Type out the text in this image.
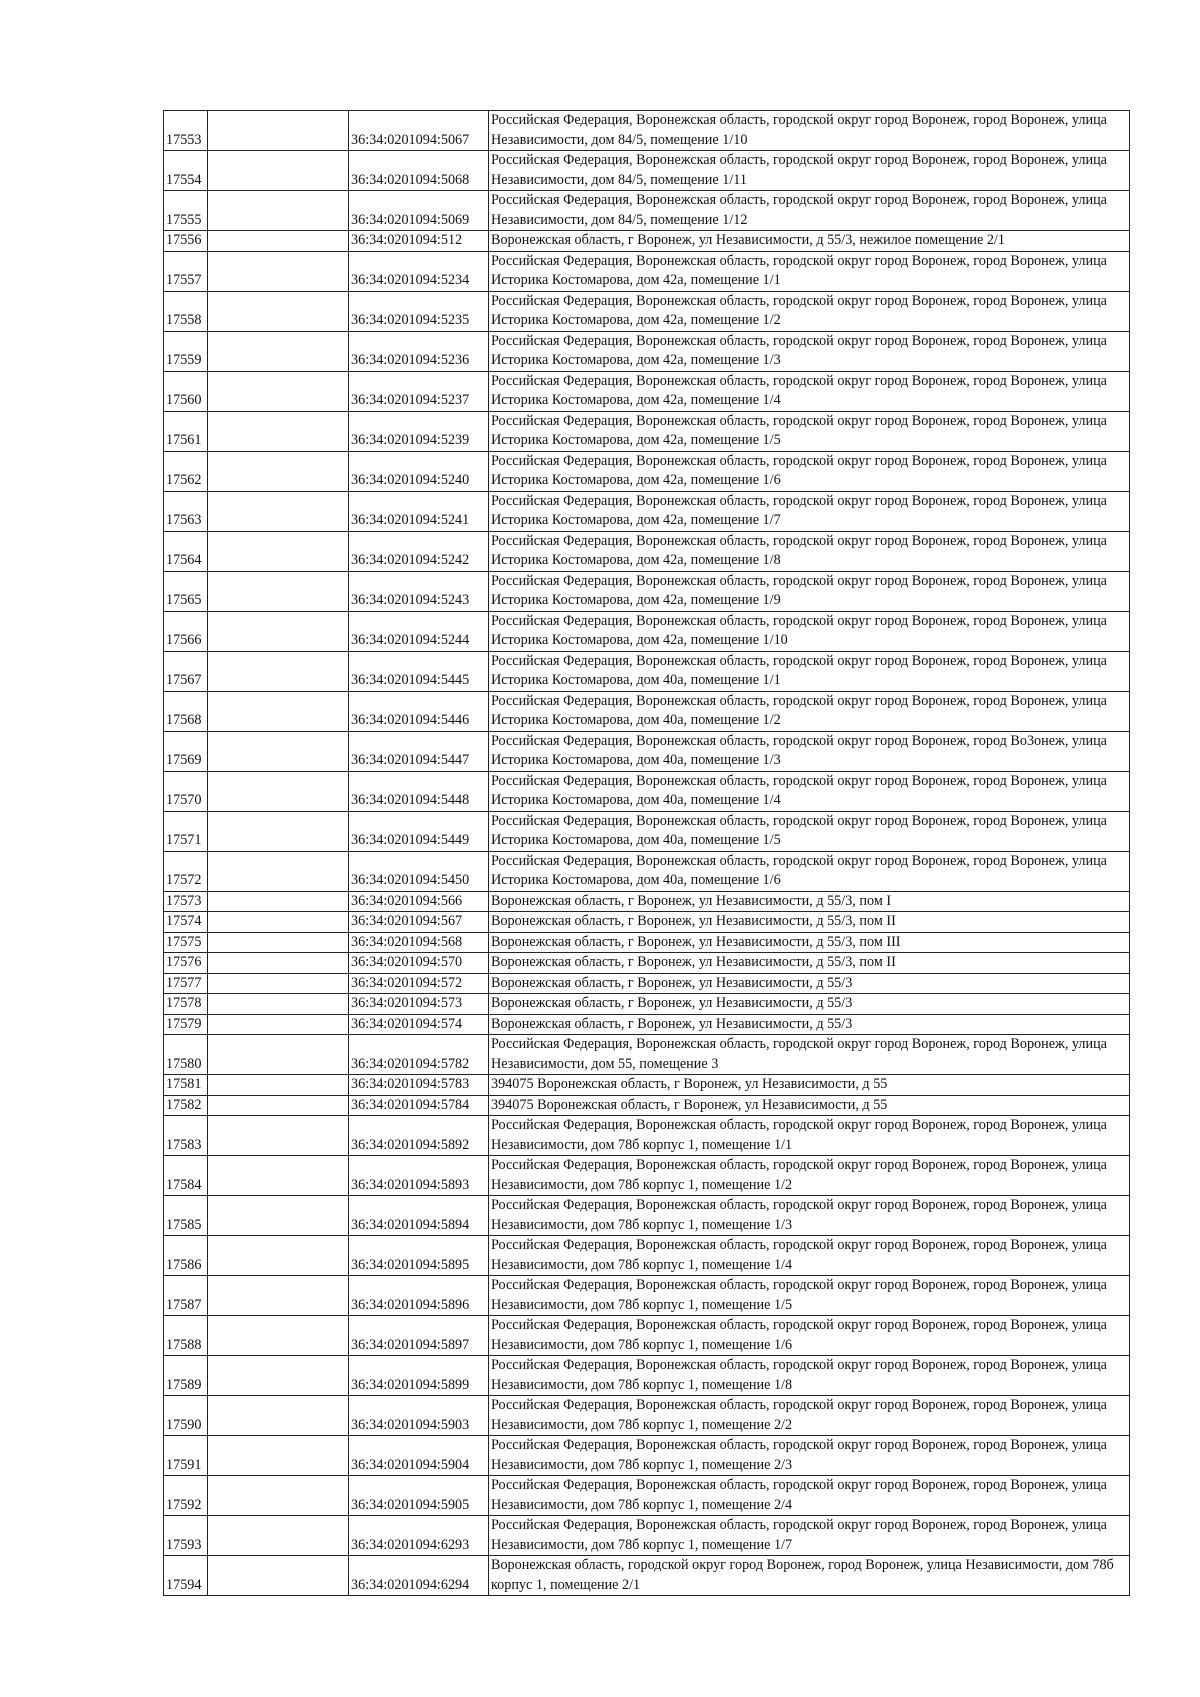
17553		36:34:0201094:5067	Российская Федерация, Воронежская область, городской округ город Воронеж, город Воронеж, улица Независимости, дом 84/5, помещение 1/10
17554		36:34:0201094:5068	Российская Федерация, Воронежская область, городской округ город Воронеж, город Воронеж, улица Независимости, дом 84/5, помещение 1/11
17555		36:34:0201094:5069	Российская Федерация, Воронежская область, городской округ город Воронеж, город Воронеж, улица Независимости, дом 84/5, помещение 1/12
17556		36:34:0201094:512	Воронежская область, г Воронеж, ул Независимости, д 55/3, нежилое помещение 2/1
17557		36:34:0201094:5234	Российская Федерация, Воронежская область, городской округ город Воронеж, город Воронеж, улица Историка Костомарова, дом 42а, помещение 1/1
17558		36:34:0201094:5235	Российская Федерация, Воронежская область, городской округ город Воронеж, город Воронеж, улица Историка Костомарова, дом 42а, помещение 1/2
17559		36:34:0201094:5236	Российская Федерация, Воронежская область, городской округ город Воронеж, город Воронеж, улица Историка Костомарова, дом 42а, помещение 1/3
17560		36:34:0201094:5237	Российская Федерация, Воронежская область, городской округ город Воронеж, город Воронеж, улица Историка Костомарова, дом 42а, помещение 1/4
17561		36:34:0201094:5239	Российская Федерация, Воронежская область, городской округ город Воронеж, город Воронеж, улица Историка Костомарова, дом 42а, помещение 1/5
17562		36:34:0201094:5240	Российская Федерация, Воронежская область, городской округ город Воронеж, город Воронеж, улица Историка Костомарова, дом 42а, помещение 1/6
17563		36:34:0201094:5241	Российская Федерация, Воронежская область, городской округ город Воронеж, город Воронеж, улица Историка Костомарова, дом 42а, помещение 1/7
17564		36:34:0201094:5242	Российская Федерация, Воронежская область, городской округ город Воронеж, город Воронеж, улица Историка Костомарова, дом 42а, помещение 1/8
17565		36:34:0201094:5243	Российская Федерация, Воронежская область, городской округ город Воронеж, город Воронеж, улица Историка Костомарова, дом 42а, помещение 1/9
17566		36:34:0201094:5244	Российская Федерация, Воронежская область, городской округ город Воронеж, город Воронеж, улица Историка Костомарова, дом 42а, помещение 1/10
17567		36:34:0201094:5445	Российская Федерация, Воронежская область, городской округ город Воронеж, город Воронеж, улица Историка Костомарова, дом 40а, помещение 1/1
17568		36:34:0201094:5446	Российская Федерация, Воронежская область, городской округ город Воронеж, город Воронеж, улица Историка Костомарова, дом 40а, помещение 1/2
17569		36:34:0201094:5447	Российская Федерация, Воронежская область, городской округ город Воронеж, город Во3онеж, улица Историка Костомарова, дом 40а, помещение 1/3
17570		36:34:0201094:5448	Российская Федерация, Воронежская область, городской округ город Воронеж, город Воронеж, улица Историка Костомарова, дом 40а, помещение 1/4
17571		36:34:0201094:5449	Российская Федерация, Воронежская область, городской округ город Воронеж, город Воронеж, улица Историка Костомарова, дом 40а, помещение 1/5
17572		36:34:0201094:5450	Российская Федерация, Воронежская область, городской округ город Воронеж, город Воронеж, улица Историка Костомарова, дом 40а, помещение 1/6
17573		36:34:0201094:566	Воронежская область, г Воронеж, ул Независимости, д 55/3, пом I
17574		36:34:0201094:567	Воронежская область, г Воронеж, ул Независимости, д 55/3, пом II
17575		36:34:0201094:568	Воронежская область, г Воронеж, ул Независимости, д 55/3, пом III
17576		36:34:0201094:570	Воронежская область, г Воронеж, ул Независимости, д 55/3, пом II
17577		36:34:0201094:572	Воронежская область, г Воронеж, ул Независимости, д 55/3
17578		36:34:0201094:573	Воронежская область, г Воронеж, ул Независимости, д 55/3
17579		36:34:0201094:574	Воронежская область, г Воронеж, ул Независимости, д 55/3
17580		36:34:0201094:5782	Российская Федерация, Воронежская область, городской округ город Воронеж, город Воронеж, улица Независимости, дом 55, помещение 3
17581		36:34:0201094:5783	394075 Воронежская область, г Воронеж, ул Независимости, д 55
17582		36:34:0201094:5784	394075 Воронежская область, г Воронеж, ул Независимости, д 55
17583		36:34:0201094:5892	Российская Федерация, Воронежская область, городской округ город Воронеж, город Воронеж, улица Независимости, дом 78б корпус 1, помещение 1/1
17584		36:34:0201094:5893	Российская Федерация, Воронежская область, городской округ город Воронеж, город Воронеж, улица Независимости, дом 78б корпус 1, помещение 1/2
17585		36:34:0201094:5894	Российская Федерация, Воронежская область, городской округ город Воронеж, город Воронеж, улица Независимости, дом 78б корпус 1, помещение 1/3
17586		36:34:0201094:5895	Российская Федерация, Воронежская область, городской округ город Воронеж, город Воронеж, улица Независимости, дом 78б корпус 1, помещение 1/4
17587		36:34:0201094:5896	Российская Федерация, Воронежская область, городской округ город Воронеж, город Воронеж, улица Независимости, дом 78б корпус 1, помещение 1/5
17588		36:34:0201094:5897	Российская Федерация, Воронежская область, городской округ город Воронеж, город Воронеж, улица Независимости, дом 78б корпус 1, помещение 1/6
17589		36:34:0201094:5899	Российская Федерация, Воронежская область, городской округ город Воронеж, город Воронеж, улица Независимости, дом 78б корпус 1, помещение 1/8
17590		36:34:0201094:5903	Российская Федерация, Воронежская область, городской округ город Воронеж, город Воронеж, улица Независимости, дом 78б корпус 1, помещение 2/2
17591		36:34:0201094:5904	Российская Федерация, Воронежская область, городской округ город Воронеж, город Воронеж, улица Независимости, дом 78б корпус 1, помещение 2/3
17592		36:34:0201094:5905	Российская Федерация, Воронежская область, городской округ город Воронеж, город Воронеж, улица Независимости, дом 78б корпус 1, помещение 2/4
17593		36:34:0201094:6293	Российская Федерация, Воронежская область, городской округ город Воронеж, город Воронеж, улица Независимости, дом 78б корпус 1, помещение 1/7
17594		36:34:0201094:6294	Воронежская область, городской округ город Воронеж, город Воронеж, улица Независимости, дом 78б корпус 1, помещение 2/1
